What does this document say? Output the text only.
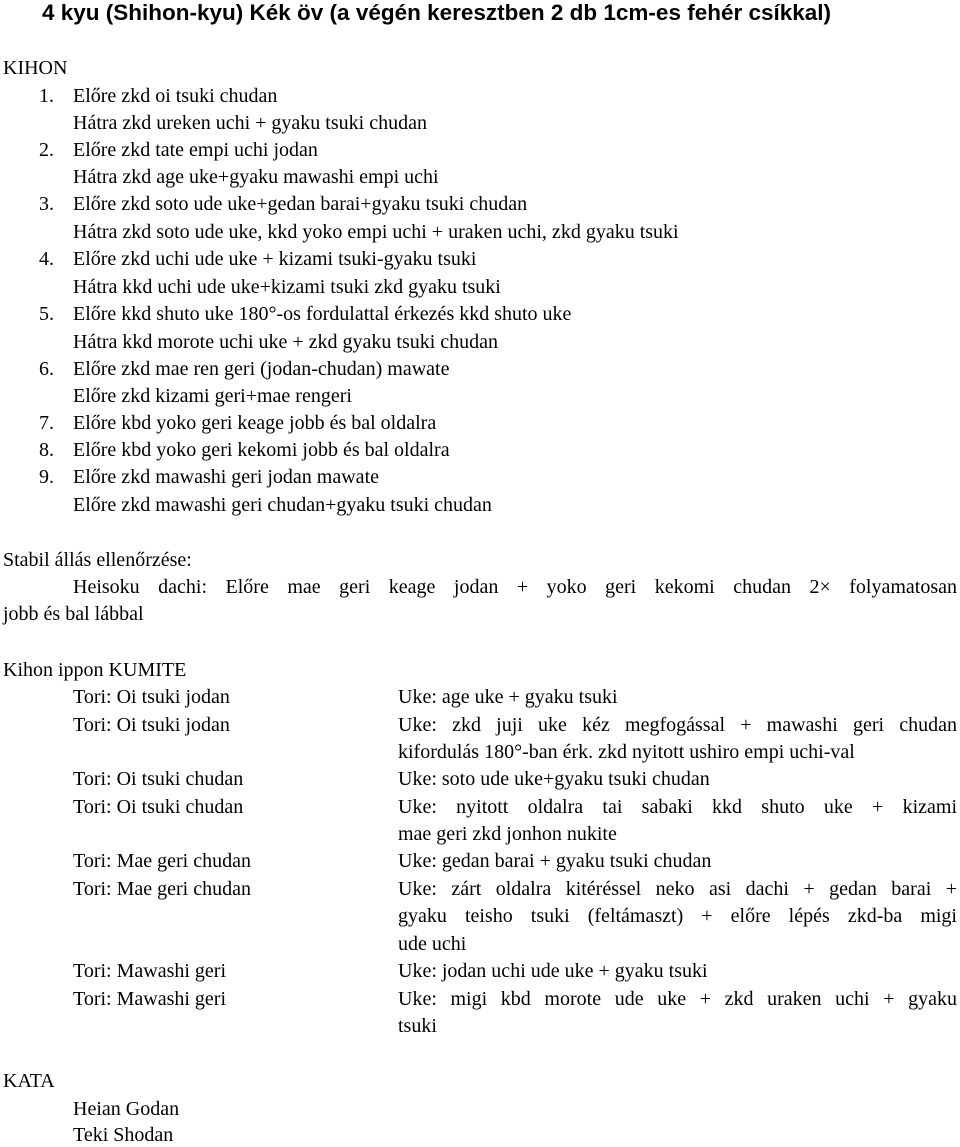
4 kyu (Shihon-kyu) Kék öv (a végén keresztben 2 db 1cm-es fehér csíkkal)
KIHON
1. Előre zkd oi tsuki chudan
Hátra zkd ureken uchi + gyaku tsuki chudan
2. Előre zkd tate empi uchi jodan
Hátra zkd age uke+gyaku mawashi empi uchi
3. Előre zkd soto ude uke+gedan barai+gyaku tsuki chudan
Hátra zkd soto ude uke, kkd yoko empi uchi + uraken uchi, zkd gyaku tsuki
4. Előre zkd uchi ude uke + kizami tsuki-gyaku tsuki
Hátra kkd uchi ude uke+kizami tsuki zkd gyaku tsuki
5. Előre kkd shuto uke 180°-os fordulattal érkezés kkd shuto uke
Hátra kkd morote uchi uke + zkd gyaku tsuki chudan
6. Előre zkd mae ren geri (jodan-chudan) mawate
Előre zkd kizami geri+mae rengeri
7. Előre kbd yoko geri keage jobb és bal oldalra
8. Előre kbd yoko geri kekomi jobb és bal oldalra
9. Előre zkd mawashi geri jodan mawate
Előre zkd mawashi geri chudan+gyaku tsuki chudan
Stabil állás ellenőrzése:
Heisoku dachi: Előre mae geri keage jodan + yoko geri kekomi chudan 2× folyamatosan
jobb és bal lábbal
Kihon ippon KUMITE
Tori: Oi tsuki jodan	Uke: age uke + gyaku tsuki
Tori: Oi tsuki jodan	Uke: zkd juji uke kéz megfogással + mawashi geri chudan
kifordulás 180°-ban érk. zkd nyitott ushiro empi uchi-val
Tori: Oi tsuki chudan	Uke: soto ude uke+gyaku tsuki chudan
Tori: Oi tsuki chudan	Uke: nyitott oldalra tai sabaki kkd shuto uke + kizami
mae geri zkd jonhon nukite
Tori: Mae geri chudan	Uke: gedan barai + gyaku tsuki chudan
Tori: Mae geri chudan	Uke: zárt oldalra kitéréssel neko asi dachi + gedan barai +
gyaku teisho tsuki (feltámaszt) + előre lépés zkd-ba migi
ude uchi
Tori: Mawashi geri	Uke: jodan uchi ude uke + gyaku tsuki
Tori: Mawashi geri	Uke: migi kbd morote ude uke + zkd uraken uchi + gyaku
tsuki
KATA
Heian Godan
Teki Shodan
